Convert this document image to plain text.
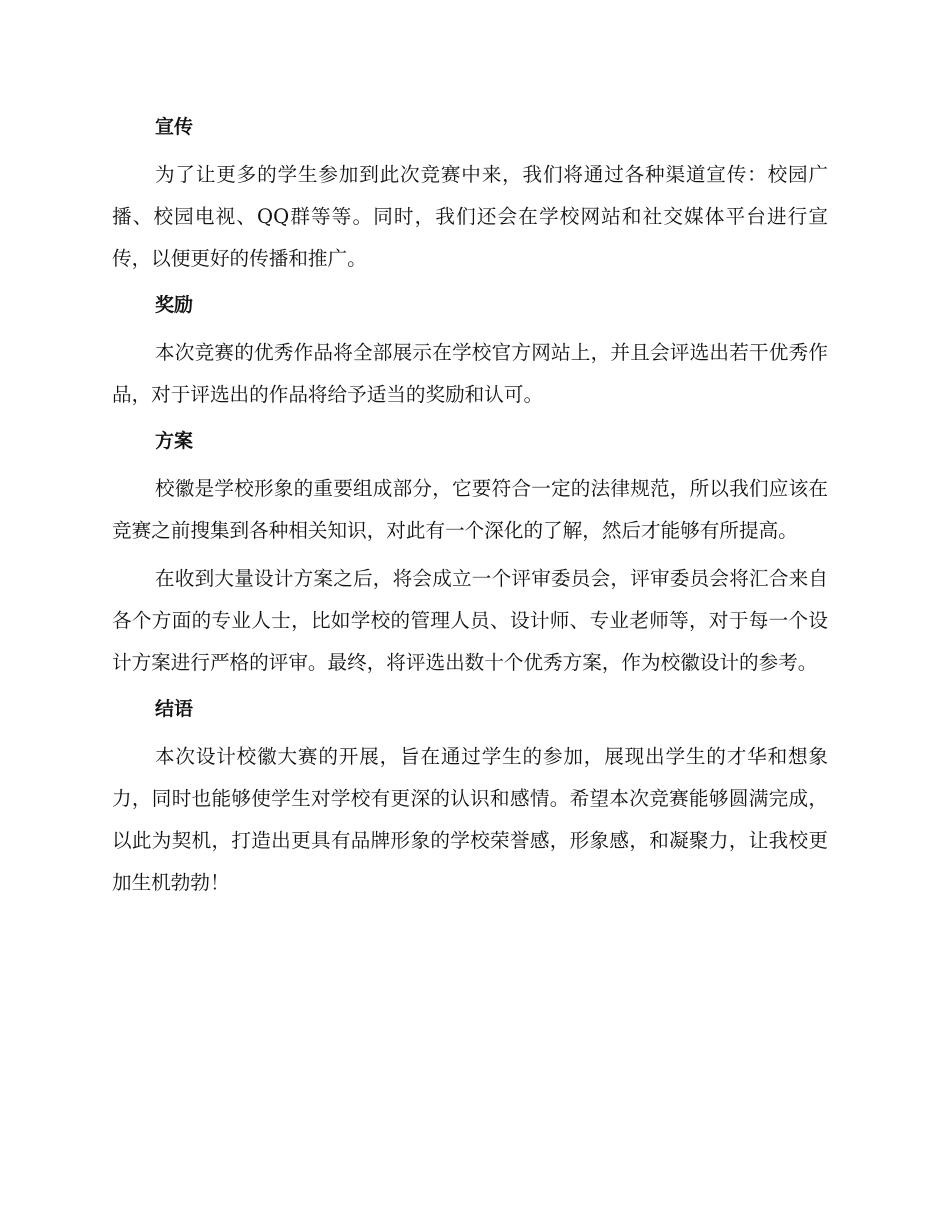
宣传

为了让更多的学生参加到此次竞赛中来，我们将通过各种渠道宣传：校园广播、校园电视、QQ群等等。同时，我们还会在学校网站和社交媒体平台进行宣传，以便更好的传播和推广。

奖励

本次竞赛的优秀作品将全部展示在学校官方网站上，并且会评选出若干优秀作品，对于评选出的作品将给予适当的奖励和认可。

方案

校徽是学校形象的重要组成部分，它要符合一定的法律规范，所以我们应该在竞赛之前搜集到各种相关知识，对此有一个深化的了解，然后才能够有所提高。

在收到大量设计方案之后，将会成立一个评审委员会，评审委员会将汇合来自各个方面的专业人士，比如学校的管理人员、设计师、专业老师等，对于每一个设计方案进行严格的评审。最终，将评选出数十个优秀方案，作为校徽设计的参考。

结语

本次设计校徽大赛的开展，旨在通过学生的参加，展现出学生的才华和想象力，同时也能够使学生对学校有更深的认识和感情。希望本次竞赛能够圆满完成，以此为契机，打造出更具有品牌形象的学校荣誉感，形象感，和凝聚力，让我校更加生机勃勃！
